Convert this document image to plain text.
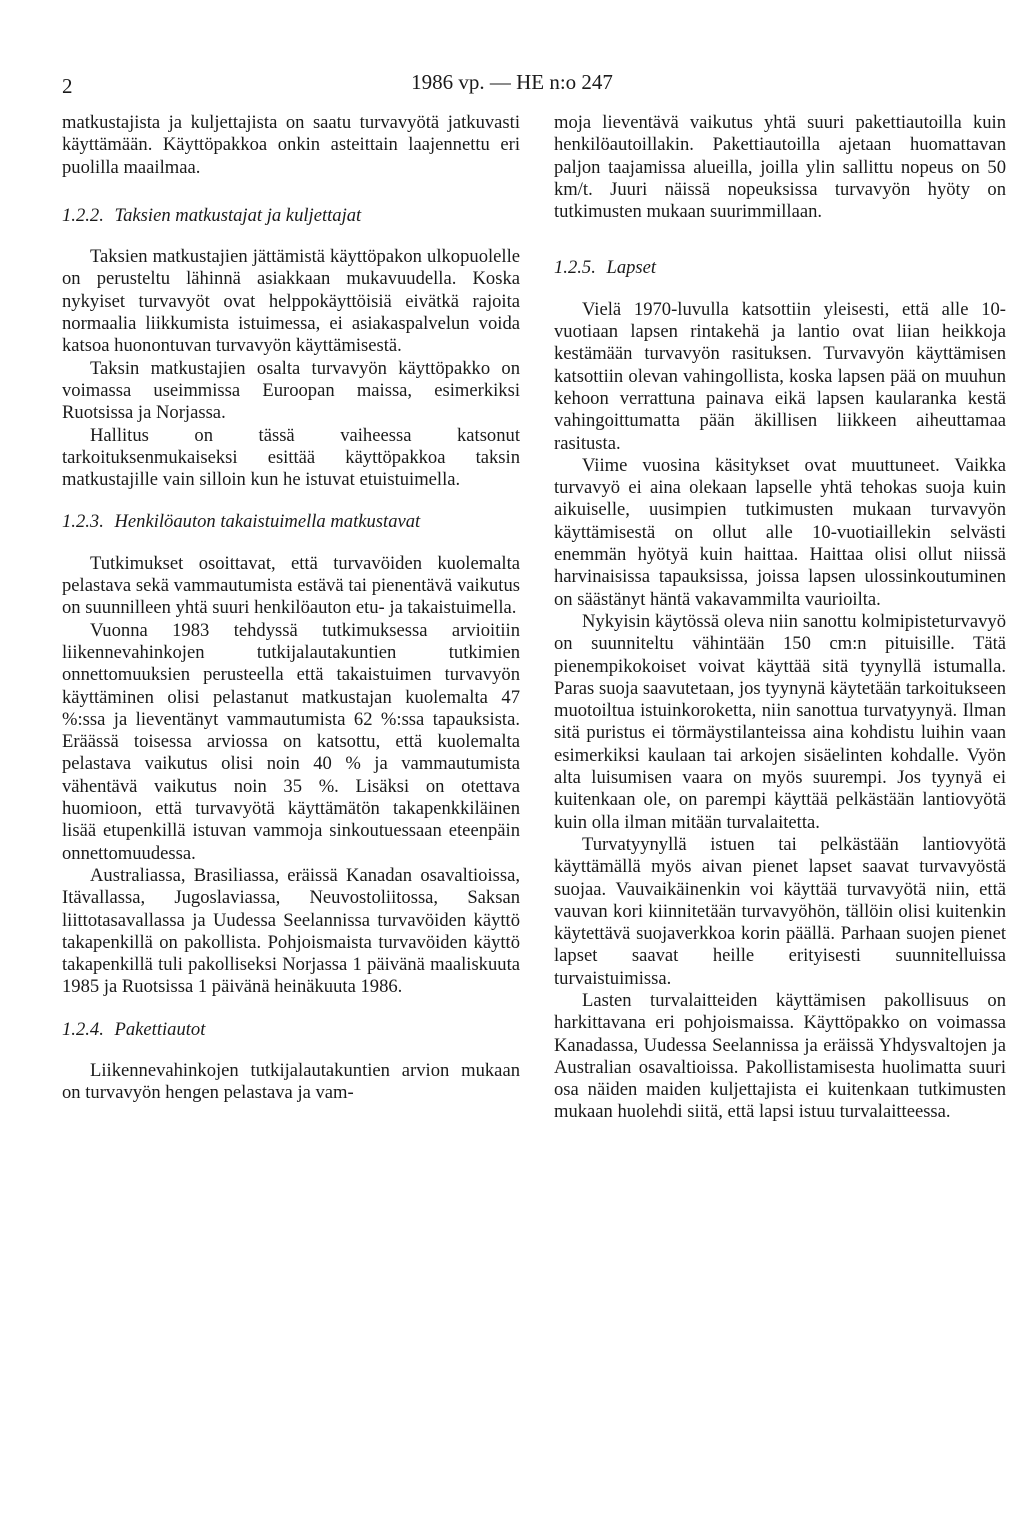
2	1986 vp. — HE n:o 247

matkustajista ja kuljettajista on saatu turvavyötä jatkuvasti käyttämään. Käyttöpakkoa onkin asteittain laajennettu eri puolilla maailmaa.

1.2.2. Taksien matkustajat ja kuljettajat

Taksien matkustajien jättämistä käyttöpakon ulkopuolelle on perusteltu lähinnä asiakkaan mukavuudella. Koska nykyiset turvavyöt ovat helppokäyttöisiä eivätkä rajoita normaalia liikkumista istuimessa, ei asiakaspalvelun voida katsoa huonontuvan turvavyön käyttämisestä.

Taksin matkustajien osalta turvavyön käyttöpakko on voimassa useimmissa Euroopan maissa, esimerkiksi Ruotsissa ja Norjassa.

Hallitus on tässä vaiheessa katsonut tarkoituksenmukaiseksi esittää käyttöpakkoa taksin matkustajille vain silloin kun he istuvat etuistuimella.

1.2.3. Henkilöauton takaistuimella matkustavat

Tutkimukset osoittavat, että turvavöiden kuolemalta pelastava sekä vammautumista estävä tai pienentävä vaikutus on suunnilleen yhtä suuri henkilöauton etu- ja takaistuimella.

Vuonna 1983 tehdyssä tutkimuksessa arvioitiin liikennevahinkojen tutkijalautakuntien tutkimien onnettomuuksien perusteella että takaistuimen turvavyön käyttäminen olisi pelastanut matkustajan kuolemalta 47 %:ssa ja lieventänyt vammautumista 62 %:ssa tapauksista. Eräässä toisessa arviossa on katsottu, että kuolemalta pelastava vaikutus olisi noin 40 % ja vammautumista vähentävä vaikutus noin 35 %. Lisäksi on otettava huomioon, että turvavyötä käyttämätön takapenkkiläinen lisää etupenkillä istuvan vammoja sinkoutuessaan eteenpäin onnettomuudessa.

Australiassa, Brasiliassa, eräissä Kanadan osavaltioissa, Itävallassa, Jugoslaviassa, Neuvostoliitossa, Saksan liittotasavallassa ja Uudessa Seelannissa turvavöiden käyttö takapenkillä on pakollista. Pohjoismaista turvavöiden käyttö takapenkillä tuli pakolliseksi Norjassa 1 päivänä maaliskuuta 1985 ja Ruotsissa 1 päivänä heinäkuuta 1986.

1.2.4. Pakettiautot

Liikennevahinkojen tutkijalautakuntien arvion mukaan on turvavyön hengen pelastava ja vam-

moja lieventävä vaikutus yhtä suuri pakettiautoilla kuin henkilöautoillakin. Pakettiautoilla ajetaan huomattavan paljon taajamissa alueilla, joilla ylin sallittu nopeus on 50 km/t. Juuri näissä nopeuksissa turvavyön hyöty on tutkimusten mukaan suurimmillaan.

1.2.5. Lapset

Vielä 1970-luvulla katsottiin yleisesti, että alle 10-vuotiaan lapsen rintakehä ja lantio ovat liian heikkoja kestämään turvavyön rasituksen. Turvavyön käyttämisen katsottiin olevan vahingollista, koska lapsen pää on muuhun kehoon verrattuna painava eikä lapsen kaularanka kestä vahingoittumatta pään äkillisen liikkeen aiheuttamaa rasitusta.

Viime vuosina käsitykset ovat muuttuneet. Vaikka turvavyö ei aina olekaan lapselle yhtä tehokas suoja kuin aikuiselle, uusimpien tutkimusten mukaan turvavyön käyttämisestä on ollut alle 10-vuotiaillekin selvästi enemmän hyötyä kuin haittaa. Haittaa olisi ollut niissä harvinaisissa tapauksissa, joissa lapsen ulossinkoutuminen on säästänyt häntä vakavammilta vaurioilta.

Nykyisin käytössä oleva niin sanottu kolmipisteturvavyö on suunniteltu vähintään 150 cm:n pituisille. Tätä pienempikokoiset voivat käyttää sitä tyynyllä istumalla. Paras suoja saavutetaan, jos tyynynä käytetään tarkoitukseen muotoiltua istuinkoroketta, niin sanottua turvatyynyä. Ilman sitä puristus ei törmäystilanteissa aina kohdistu luihin vaan esimerkiksi kaulaan tai arkojen sisäelinten kohdalle. Vyön alta luisumisen vaara on myös suurempi. Jos tyynyä ei kuitenkaan ole, on parempi käyttää pelkästään lantiovyötä kuin olla ilman mitään turvalaitetta.

Turvatyynyllä istuen tai pelkästään lantiovyötä käyttämällä myös aivan pienet lapset saavat turvavyöstä suojaa. Vauvaikäinenkin voi käyttää turvavyötä niin, että vauvan kori kiinnitetään turvavyöhön, tällöin olisi kuitenkin käytettävä suojaverkkoa korin päällä. Parhaan suojen pienet lapset saavat heille erityisesti suunnitelluissa turvaistuimissa.

Lasten turvalaitteiden käyttämisen pakollisuus on harkittavana eri pohjoismaissa. Käyttöpakko on voimassa Kanadassa, Uudessa Seelannissa ja eräissä Yhdysvaltojen ja Australian osavaltioissa. Pakollistamisesta huolimatta suuri osa näiden maiden kuljettajista ei kuitenkaan tutkimusten mukaan huolehdi siitä, että lapsi istuu turvalaitteessa.
